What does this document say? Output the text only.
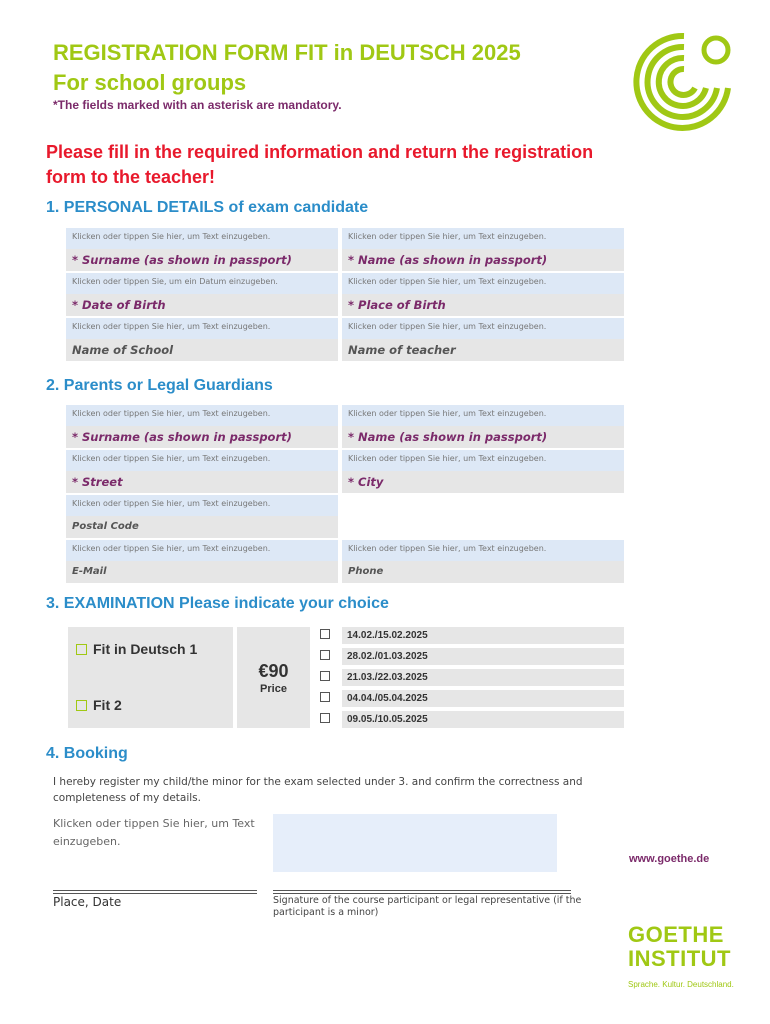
REGISTRATION FORM FIT in DEUTSCH 2025
For school groups
*The fields marked with an asterisk are mandatory.
Please fill in the required information and return the registration form to the teacher!
1. PERSONAL DETAILS of exam candidate
Klicken oder tippen Sie hier, um Text einzugeben.
* Surname (as shown in passport)
Klicken oder tippen Sie hier, um Text einzugeben.
* Name (as shown in passport)
Klicken oder tippen Sie, um ein Datum einzugeben.
* Date of Birth
Klicken oder tippen Sie hier, um Text einzugeben.
* Place of Birth
Klicken oder tippen Sie hier, um Text einzugeben.
Name of School
Klicken oder tippen Sie hier, um Text einzugeben.
Name of teacher
2. Parents or Legal Guardians
Klicken oder tippen Sie hier, um Text einzugeben.
* Surname (as shown in passport)
Klicken oder tippen Sie hier, um Text einzugeben.
* Name (as shown in passport)
Klicken oder tippen Sie hier, um Text einzugeben.
* Street
Klicken oder tippen Sie hier, um Text einzugeben.
* City
Klicken oder tippen Sie hier, um Text einzugeben.
Postal Code
Klicken oder tippen Sie hier, um Text einzugeben.
E-Mail
Klicken oder tippen Sie hier, um Text einzugeben.
Phone
3. EXAMINATION Please indicate your choice
Fit in Deutsch 1
Fit 2
€90
Price
14.02./15.02.2025
28.02./01.03.2025
21.03./22.03.2025
04.04./05.04.2025
09.05./10.05.2025
4. Booking
I hereby register my child/the minor for the exam selected under 3. and confirm the correctness and completeness of my details.
Klicken oder tippen Sie hier, um Text einzugeben.
www.goethe.de
Place, Date	Signature of the course participant or legal representative (if the participant is a minor)
GOETHE
INSTITUT
Sprache. Kultur. Deutschland.
